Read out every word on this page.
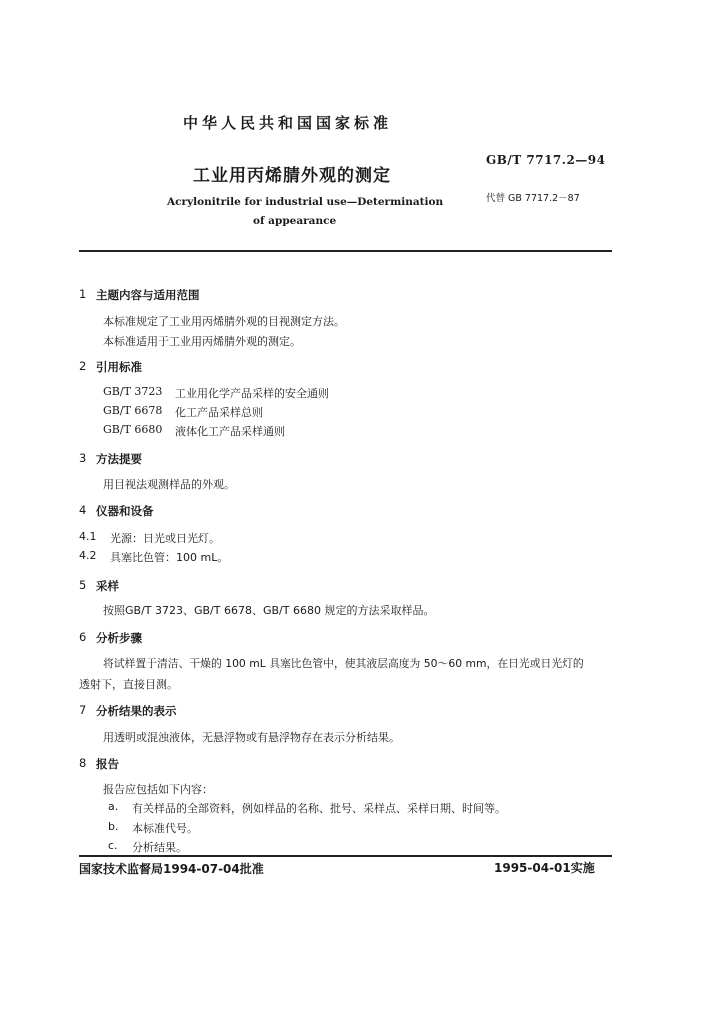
中华人民共和国国家标准
工业用丙烯腈外观的测定
Acrylonitrile for industrial use—Determination
of appearance
GB/T 7717.2—94
代替 GB 7717.2－87
1 主题内容与适用范围
本标准规定了工业用丙烯腈外观的目视测定方法。
本标准适用于工业用丙烯腈外观的测定。
2 引用标准
GB/T 3723 工业用化学产品采样的安全通则
GB/T 6678 化工产品采样总则
GB/T 6680 液体化工产品采样通则
3 方法提要
用目视法观测样品的外观。
4 仪器和设备
4.1 光源：日光或日光灯。
4.2 具塞比色管：100 mL。
5 采样
按照GB/T 3723、GB/T 6678、GB/T 6680 规定的方法采取样品。
6 分析步骤
将试样置于清洁、干燥的 100 mL 具塞比色管中，使其液层高度为 50～60 mm，在日光或日光灯的
透射下，直接目测。
7 分析结果的表示
用透明或混浊液体，无悬浮物或有悬浮物存在表示分析结果。
8 报告
报告应包括如下内容：
a. 有关样品的全部资料，例如样品的名称、批号、采样点、采样日期、时间等。
b. 本标准代号。
c. 分析结果。
国家技术监督局1994-07-04批准	1995-04-01实施
